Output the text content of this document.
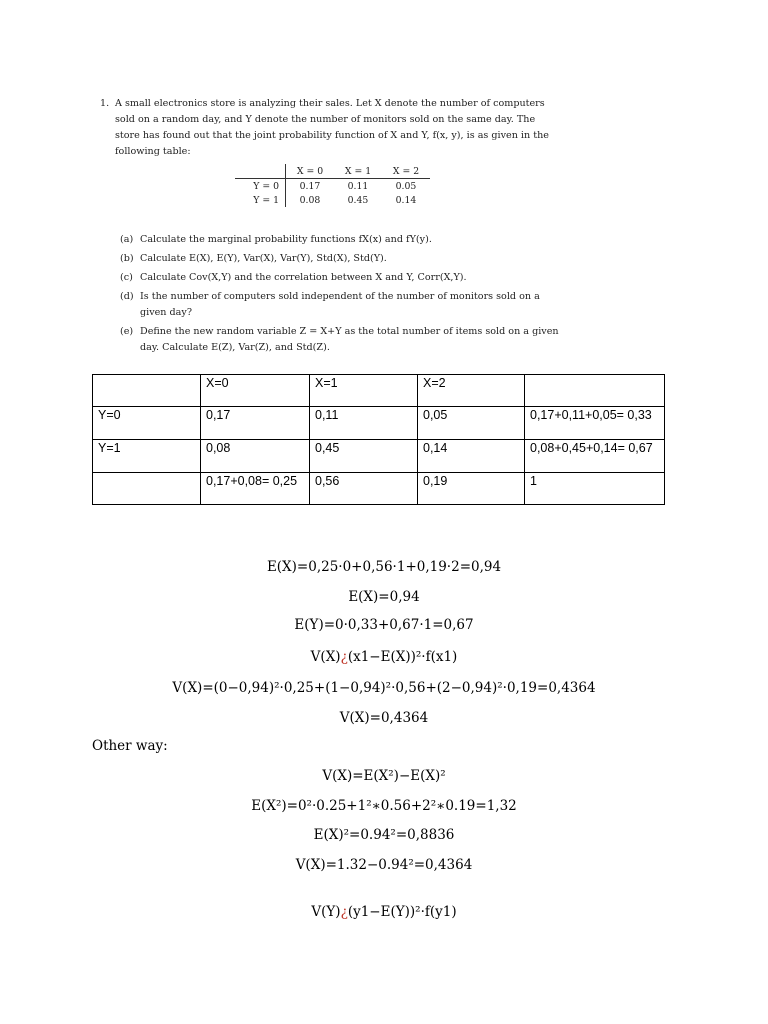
1. A small electronics store is analyzing their sales. Let X denote the number of computers sold on a random day, and Y denote the number of monitors sold on the same day. The store has found out that the joint probability function of X and Y, f(x, y), is as given in the following table:

	X = 0	X = 1	X = 2
Y = 0	0.17	0.11	0.05
Y = 1	0.08	0.45	0.14
(a) Calculate the marginal probability functions fX(x) and fY(y).
(b) Calculate E(X), E(Y), Var(X), Var(Y), Std(X), Std(Y).
(c) Calculate Cov(X,Y) and the correlation between X and Y, Corr(X,Y).
(d) Is the number of computers sold independent of the number of monitors sold on a given day?
(e) Define the new random variable Z = X+Y as the total number of items sold on a given day. Calculate E(Z), Var(Z), and Std(Z).
	X=0	X=1	X=2	
Y=0	0,17	0,11	0,05	0,17+0,11+0,05= 0,33
Y=1	0,08	0,45	0,14	0,08+0,45+0,14= 0,67
	0,17+0,08= 0,25	0,56	0,19	1
E(X)=0,25·0+0,56·1+0,19·2=0,94
E(X)=0,94
E(Y)=0·0,33+0,67·1=0,67
V(X)¿(x1−E(X))²·f(x1)
V(X)=(0−0,94)²·0,25+(1−0,94)²·0,56+(2−0,94)²·0,19=0,4364
V(X)=0,4364
Other way:
V(X)=E(X²)−E(X)²
E(X²)=0²·0.25+1²∗0.56+2²∗0.19=1,32
E(X)²=0.94²=0,8836
V(X)=1.32−0.94²=0,4364
V(Y)¿(y1−E(Y))²·f(y1)
